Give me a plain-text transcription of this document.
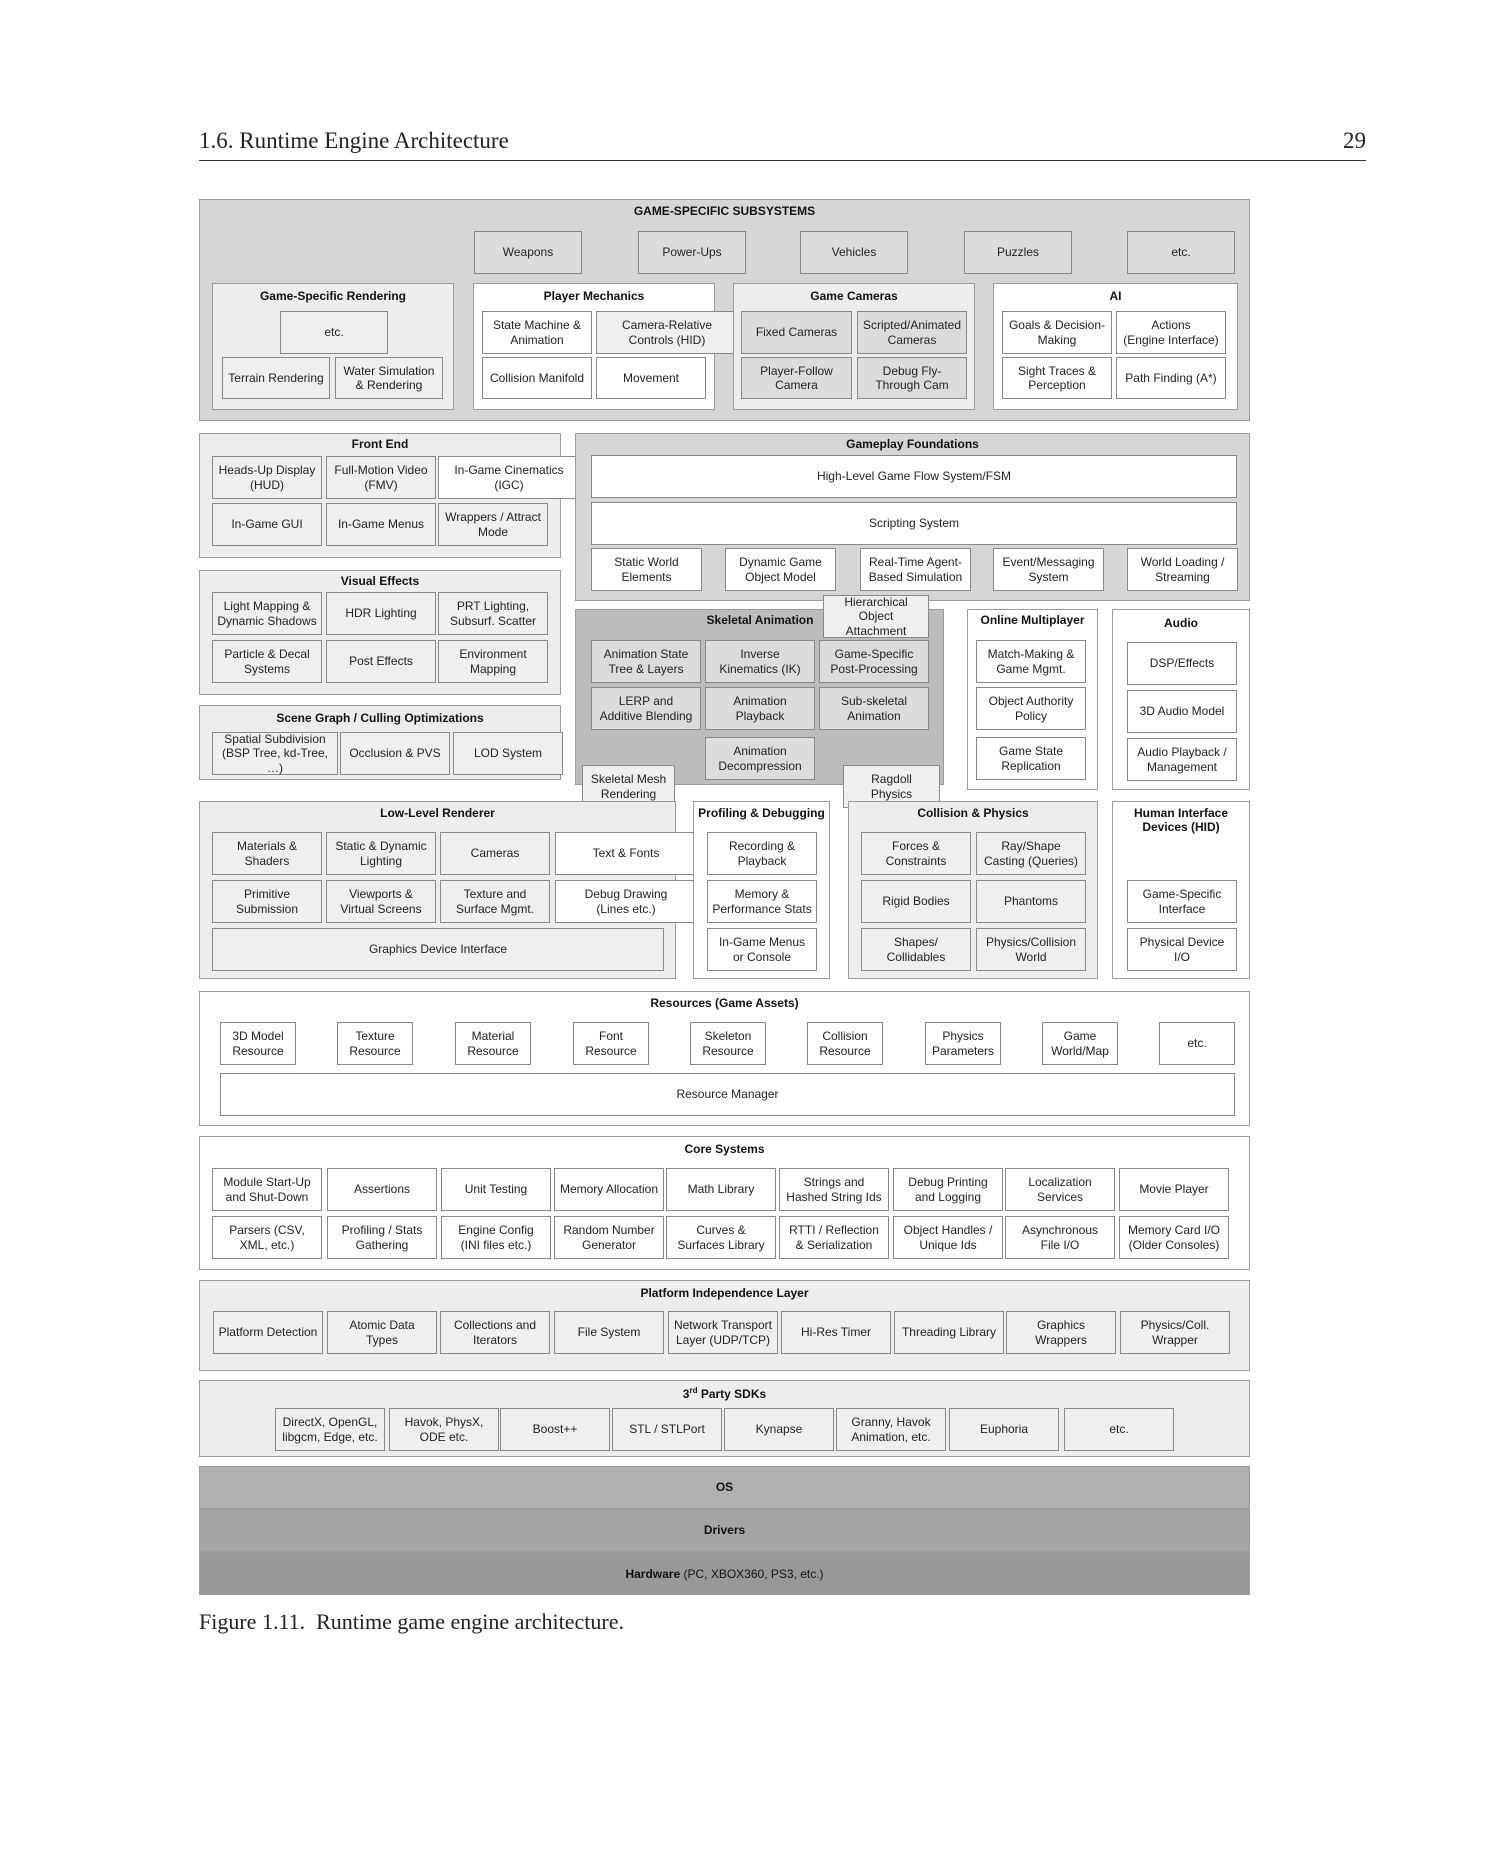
1.6. Runtime Engine Architecture	29
GAME-SPECIFIC SUBSYSTEMS
Weapons	Power-Ups	Vehicles	Puzzles	etc.
Game-Specific Rendering
etc.
Terrain Rendering
Water Simulation
& Rendering
Player Mechanics
State Machine &
Animation
Camera-Relative
Controls (HID)
Collision Manifold	Movement
Game Cameras
Fixed Cameras
Scripted/Animated
Cameras
Player-Follow
Camera
Debug Fly-
Through Cam
AI
Goals & Decision-
Making
Actions
(Engine Interface)
Sight Traces &
Perception
Path Finding (A*)
Front End
Heads-Up Display
(HUD)
Full-Motion Video
(FMV)
In-Game Cinematics
(IGC)
In-Game GUI	In-Game Menus
Wrappers / Attract
Mode
Gameplay Foundations
High-Level Game Flow System/FSM
Scripting System
Static World
Elements
Dynamic Game
Object Model
Real-Time Agent-
Based Simulation
Event/Messaging
System
World Loading /
Streaming
Visual Effects
Light Mapping &
Dynamic Shadows
HDR Lighting
PRT Lighting,
Subsurf. Scatter
Particle & Decal
Systems
Post Effects
Environment
Mapping
Skeletal Animation
Hierarchical
Object Attachment
Animation State
Tree & Layers
Inverse
Kinematics (IK)
Game-Specific
Post-Processing
LERP and
Additive Blending
Animation
Playback
Sub-skeletal
Animation
Animation
Decompression
Skeletal Mesh
Rendering
Ragdoll
Physics
Online Multiplayer
Match-Making &
Game Mgmt.
Object Authority
Policy
Game State
Replication
Audio
DSP/Effects
3D Audio Model
Audio Playback /
Management
Scene Graph / Culling Optimizations
Spatial Subdivision
(BSP Tree, kd-Tree, …)
Occlusion & PVS	LOD System
Low-Level Renderer
Materials &
Shaders
Static & Dynamic
Lighting
Cameras	Text & Fonts
Primitive
Submission
Viewports &
Virtual Screens
Texture and
Surface Mgmt.
Debug Drawing
(Lines etc.)
Graphics Device Interface
Profiling & Debugging
Recording &
Playback
Memory &
Performance Stats
In-Game Menus
or Console
Collision & Physics
Forces &
Constraints
Ray/Shape
Casting (Queries)
Rigid Bodies	Phantoms
Shapes/
Collidables
Physics/Collision
World
Human Interface
Devices (HID)
Game-Specific
Interface
Physical Device
I/O
Resources (Game Assets)
3D Model
Resource
Texture
Resource
Material
Resource
Font
Resource
Skeleton
Resource
Collision
Resource
Physics
Parameters
Game
World/Map
etc.
Resource Manager
Core Systems
Module Start-Up
and Shut-Down
Assertions	Unit Testing	Memory Allocation	Math Library
Strings and
Hashed String Ids
Debug Printing
and Logging
Localization
Services
Movie Player
Parsers (CSV,
XML, etc.)
Profiling / Stats
Gathering
Engine Config
(INI files etc.)
Random Number
Generator
Curves &
Surfaces Library
RTTI / Reflection
& Serialization
Object Handles /
Unique Ids
Asynchronous
File I/O
Memory Card I/O
(Older Consoles)
Platform Independence Layer
Platform Detection
Atomic Data
Types
Collections and
Iterators
File System
Network Transport
Layer (UDP/TCP)
Hi-Res Timer	Threading Library
Graphics
Wrappers
Physics/Coll.
Wrapper
3rd Party SDKs
DirectX, OpenGL,
libgcm, Edge, etc.
Havok, PhysX,
ODE etc.
Boost++	STL / STLPort	Kynapse
Granny, Havok
Animation, etc.
Euphoria	etc.
OS
Drivers
Hardware (PC, XBOX360, PS3, etc.)
Figure 1.11. Runtime game engine architecture.
